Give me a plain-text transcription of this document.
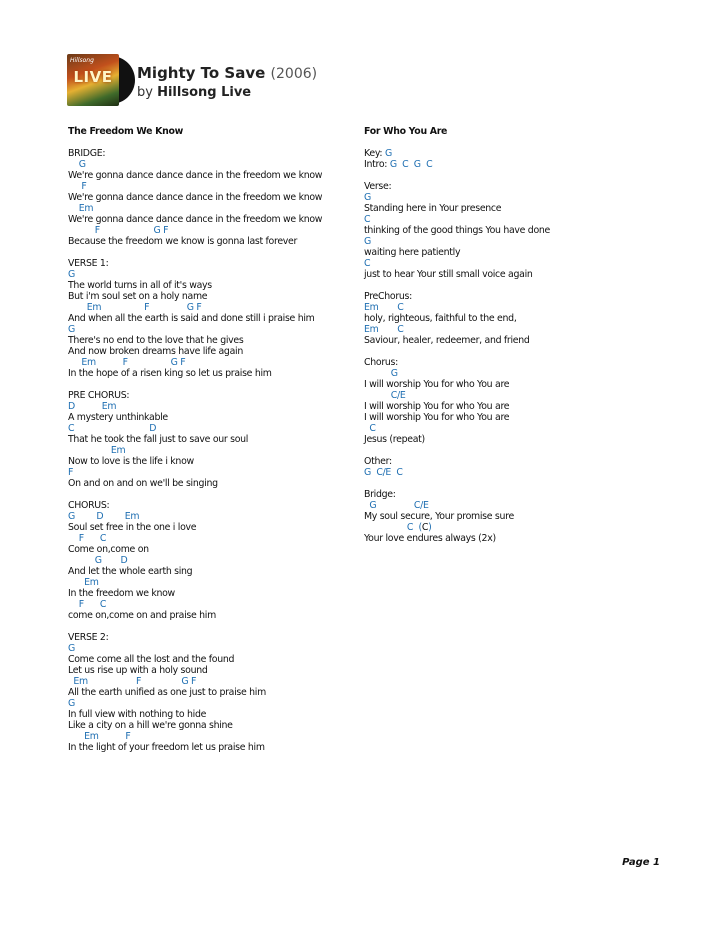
Hillsong
LIVE	Mighty To Save (2006)
by Hillsong Live
The Freedom We Know
BRIDGE:
G
We're gonna dance dance dance in the freedom we know
F
We're gonna dance dance dance in the freedom we know
Em
We're gonna dance dance dance in the freedom we know
F                    G F
Because the freedom we know is gonna last forever
VERSE 1:
G
The world turns in all of it's ways
But i'm soul set on a holy name
Em                F              G F
And when all the earth is said and done still i praise him
G
There's no end to the love that he gives
And now broken dreams have life again
Em          F                G F
In the hope of a risen king so let us praise him
PRE CHORUS:
D          Em
A mystery unthinkable
C                            D
That he took the fall just to save our soul
Em
Now to love is the life i know
F
On and on and on we'll be singing
CHORUS:
G        D        Em
Soul set free in the one i love
F      C
Come on,come on
G       D
And let the whole earth sing
Em
In the freedom we know
F      C
come on,come on and praise him
VERSE 2:
G
Come come all the lost and the found
Let us rise up with a holy sound
Em                  F               G F
All the earth unified as one just to praise him
G
In full view with nothing to hide
Like a city on a hill we're gonna shine
Em          F
In the light of your freedom let us praise him
For Who You Are
Key: G
Intro: G  C  G  C
Verse:
G
Standing here in Your presence
C
thinking of the good things You have done
G
waiting here patiently
C
just to hear Your still small voice again
PreChorus:
Em       C
holy, righteous, faithful to the end,
Em       C
Saviour, healer, redeemer, and friend
Chorus:
G
I will worship You for who You are
C/E
I will worship You for who You are
I will worship You for who You are
C
Jesus (repeat)
Other:
G  C/E  C
Bridge:
G              C/E
My soul secure, Your promise sure
C  (C)
Your love endures always (2x)
Page 1
